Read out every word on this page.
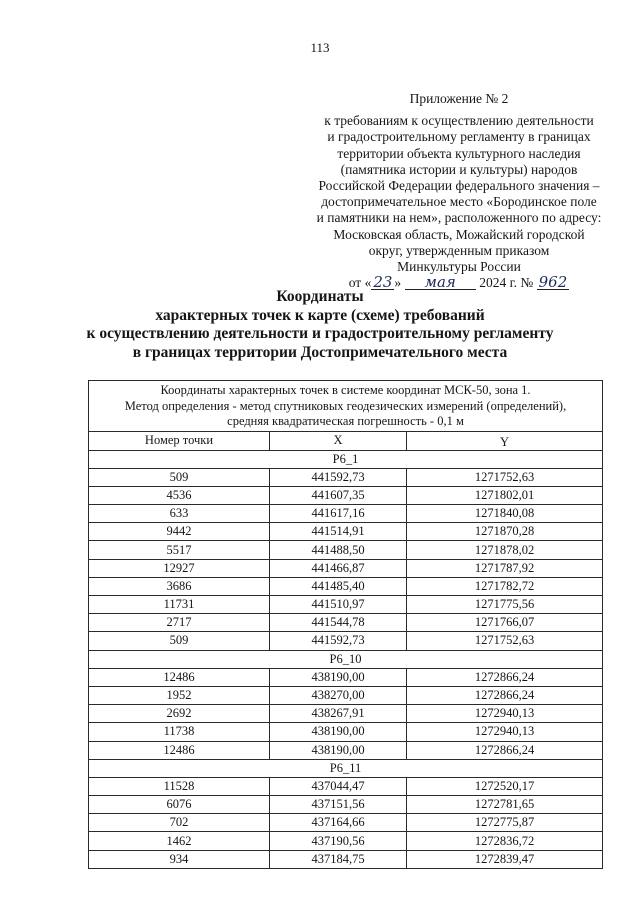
113
Приложение № 2
к требованиям к осуществлению деятельности
и градостроительному регламенту в границах
территории объекта культурного наследия
(памятника истории и культуры) народов
Российской Федерации федерального значения –
достопримечательное место «Бородинское поле
и памятники на нем», расположенного по адресу:
Московская область, Можайский городской
округ, утвержденным приказом
Минкультуры России
от « 23 » мая 2024 г. № 962
Координаты
характерных точек к карте (схеме) требований
к осуществлению деятельности и градостроительному регламенту
в границах территории Достопримечательного места
Координаты характерных точек в системе координат МСК-50, зона 1.
Метод определения - метод спутниковых геодезических измерений (определений),
средняя квадратическая погрешность - 0,1 м		

Номер точки	X	Y
Р6_1		
509	441592,73	1271752,63
4536	441607,35	1271802,01
633	441617,16	1271840,08
9442	441514,91	1271870,28
5517	441488,50	1271878,02
12927	441466,87	1271787,92
3686	441485,40	1271782,72
11731	441510,97	1271775,56
2717	441544,78	1271766,07
509	441592,73	1271752,63
Р6_10		
12486	438190,00	1272866,24
1952	438270,00	1272866,24
2692	438267,91	1272940,13
11738	438190,00	1272940,13
12486	438190,00	1272866,24
Р6_11		
11528	437044,47	1272520,17
6076	437151,56	1272781,65
702	437164,66	1272775,87
1462	437190,56	1272836,72
934	437184,75	1272839,47
